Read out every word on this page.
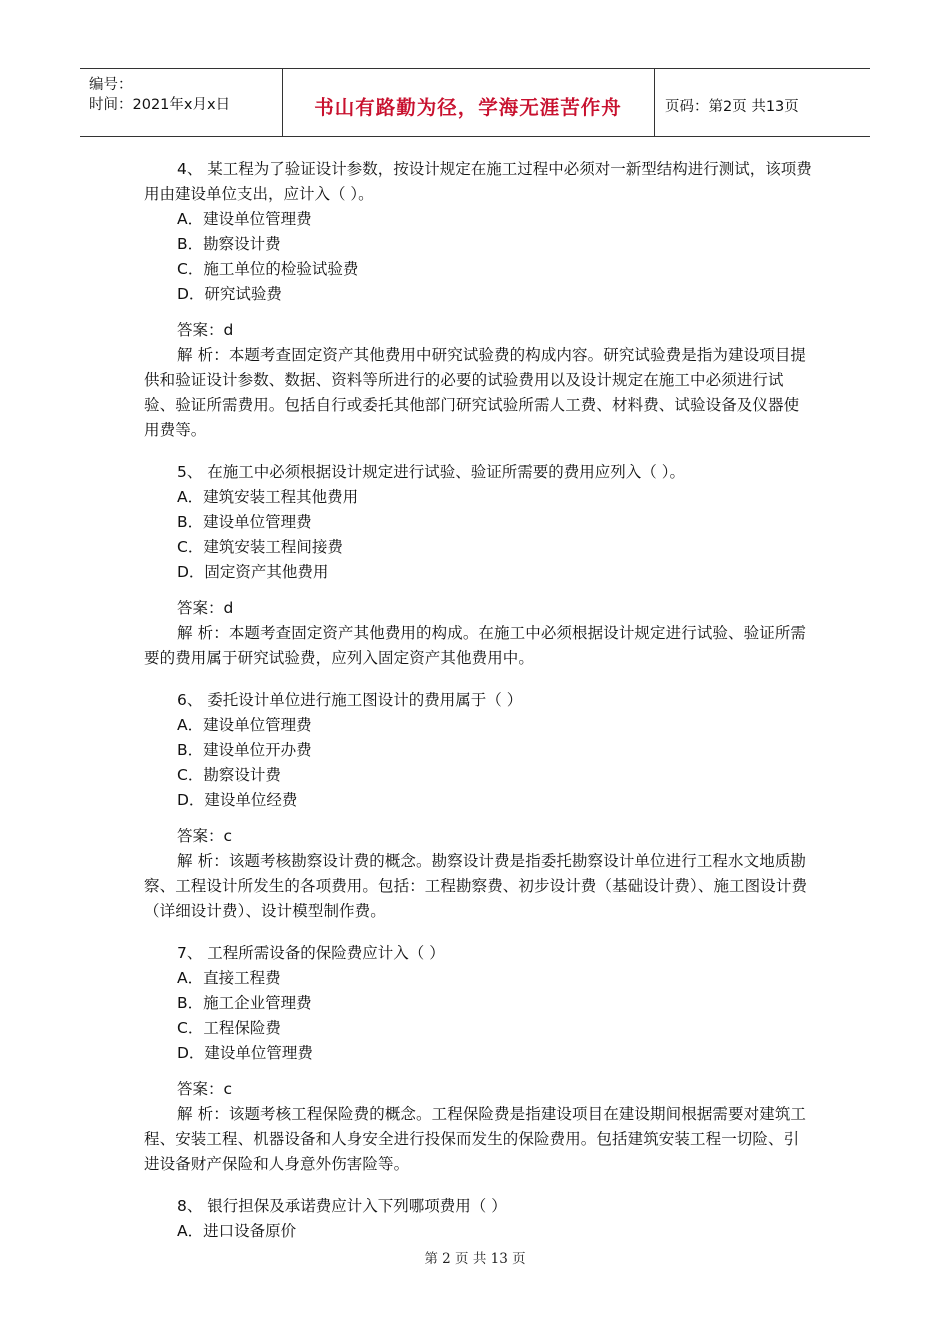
编号：
时间：2021年x月x日	书山有路勤为径，学海无涯苦作舟	页码：第2页 共13页
4、 某工程为了验证设计参数，按设计规定在施工过程中必须对一新型结构进行测试，该项费用由建设单位支出，应计入（ ）。
A．建设单位管理费
B．勘察设计费
C．施工单位的检验试验费
D．研究试验费
答案：d
解 析：本题考查固定资产其他费用中研究试验费的构成内容。研究试验费是指为建设项目提供和验证设计参数、数据、资料等所进行的必要的试验费用以及设计规定在施工中必须进行试验、验证所需费用。包括自行或委托其他部门研究试验所需人工费、材料费、试验设备及仪器使用费等。
5、 在施工中必须根据设计规定进行试验、验证所需要的费用应列入（ ）。
A．建筑安装工程其他费用
B．建设单位管理费
C．建筑安装工程间接费
D．固定资产其他费用
答案：d
解 析：本题考查固定资产其他费用的构成。在施工中必须根据设计规定进行试验、验证所需要的费用属于研究试验费，应列入固定资产其他费用中。
6、 委托设计单位进行施工图设计的费用属于（ ）
A．建设单位管理费
B．建设单位开办费
C．勘察设计费
D．建设单位经费
答案：c
解 析：该题考核勘察设计费的概念。勘察设计费是指委托勘察设计单位进行工程水文地质勘察、工程设计所发生的各项费用。包括：工程勘察费、初步设计费（基础设计费）、施工图设计费（详细设计费）、设计模型制作费。
7、 工程所需设备的保险费应计入（ ）
A．直接工程费
B．施工企业管理费
C．工程保险费
D．建设单位管理费
答案：c
解 析：该题考核工程保险费的概念。工程保险费是指建设项目在建设期间根据需要对建筑工程、安装工程、机器设备和人身安全进行投保而发生的保险费用。包括建筑安装工程一切险、引进设备财产保险和人身意外伤害险等。
8、 银行担保及承诺费应计入下列哪项费用（ ）
A．进口设备原价
第 2 页 共 13 页
